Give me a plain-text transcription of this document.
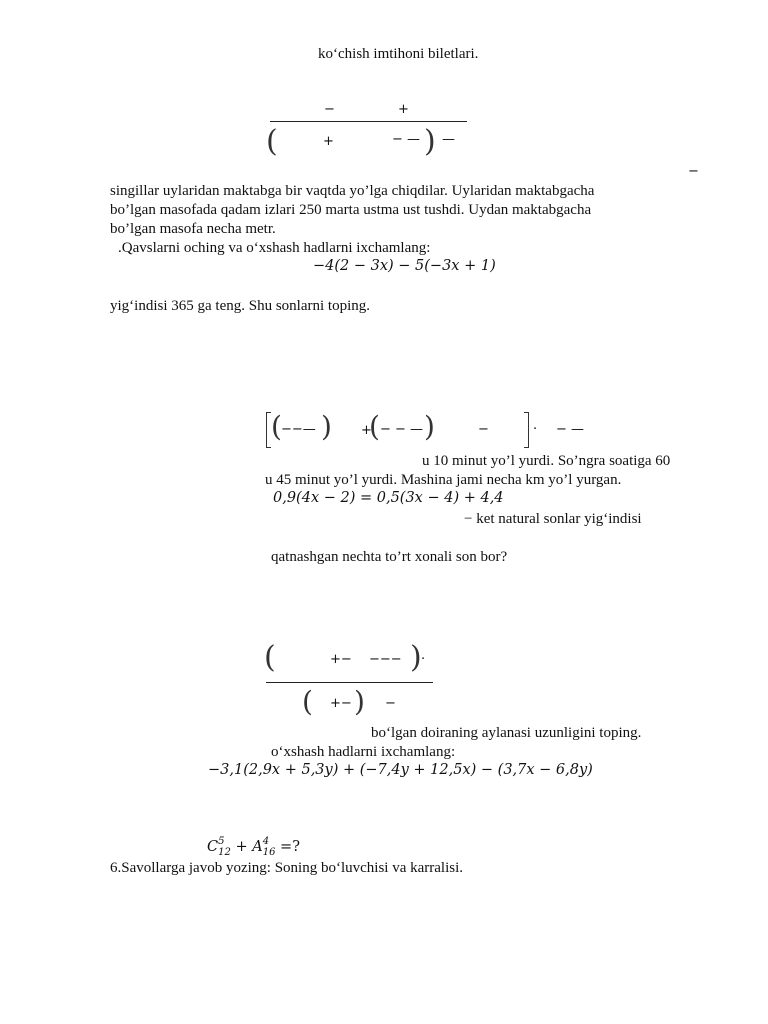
ko‘chish imtihoni biletlari.
−	+
(	+	− — ) —
−
singillar uylaridan maktabga bir vaqtda yo’lga chiqdilar. Uylaridan maktabgacha
bo’lgan masofada qadam izlari 250 marta ustma ust tushdi. Uydan maktabgacha
bo’lgan masofa necha metr.
.Qavslarni oching va o‘xshash hadlarni ixchamlang:
−4(2 − 3x) − 5(−3x + 1)
yig‘indisi 365 ga teng. Shu sonlarni toping.
( −−— ) +
( − − — )	−	· − —
u 10 minut yo’l yurdi. So’ngra soatiga 60
u 45 minut yo’l yurdi. Mashina jami necha km yo’l yurgan.
0,9(4x − 2) = 0,5(3x − 4) + 4,4
− ket natural sonlar yig‘indisi
qatnashgan nechta to’rt xonali son bor?
(	+− −−− ) ·
( +− ) −
bo‘lgan doiraning aylanasi uzunligini toping.
o‘xshash hadlarni ixchamlang:
−3,1(2,9x + 5,3y) + (−7,4y + 12,5x) − (3,7x − 6,8y)
C 5
12 + A 4
16 =?
6.Savollarga javob yozing: Soning bo‘luvchisi va karralisi.
